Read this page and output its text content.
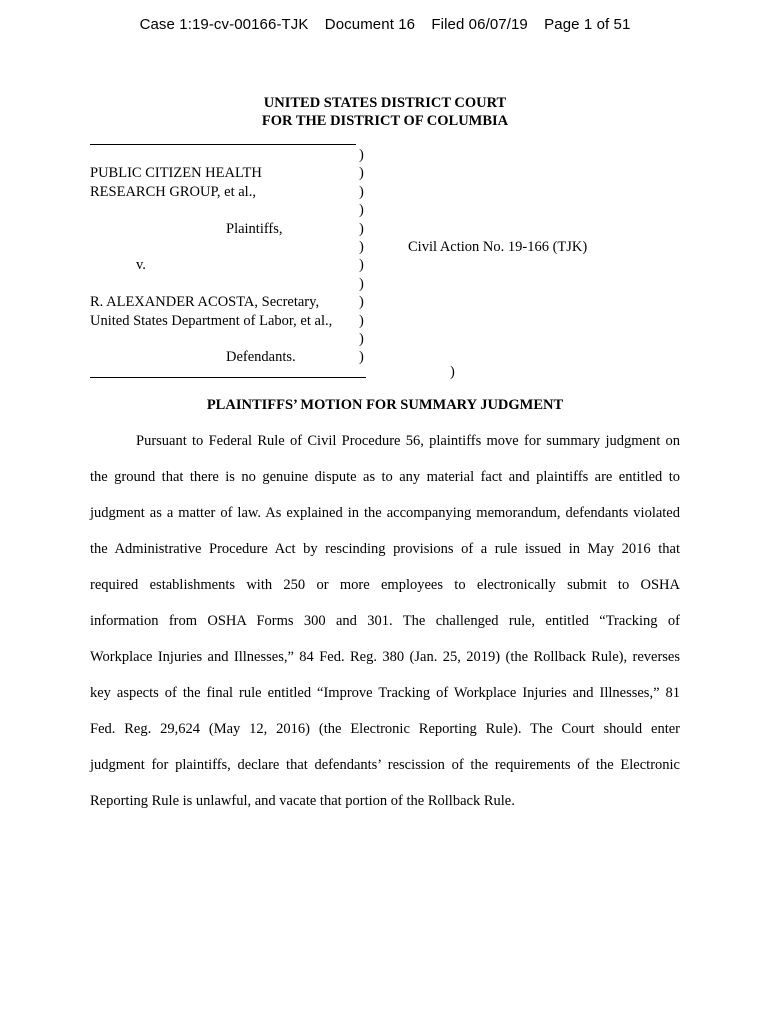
Case 1:19-cv-00166-TJK Document 16 Filed 06/07/19 Page 1 of 51
UNITED STATES DISTRICT COURT
FOR THE DISTRICT OF COLUMBIA
)
PUBLIC CITIZEN HEALTH	)
RESEARCH GROUP, et al.,	)
)
Plaintiffs,	)
)	Civil Action No. 19-166 (TJK)
v.	)
)
R. ALEXANDER ACOSTA, Secretary,	)
United States Department of Labor, et al., )
)
Defendants.	)
)
PLAINTIFFS’ MOTION FOR SUMMARY JUDGMENT
Pursuant to Federal Rule of Civil Procedure 56, plaintiffs move for summary judgment on
the ground that there is no genuine dispute as to any material fact and plaintiffs are entitled to
judgment as a matter of law. As explained in the accompanying memorandum, defendants violated
the Administrative Procedure Act by rescinding provisions of a rule issued in May 2016 that
required establishments with 250 or more employees to electronically submit to OSHA
information from OSHA Forms 300 and 301. The challenged rule, entitled “Tracking of
Workplace Injuries and Illnesses,” 84 Fed. Reg. 380 (Jan. 25, 2019) (the Rollback Rule), reverses
key aspects of the final rule entitled “Improve Tracking of Workplace Injuries and Illnesses,” 81
Fed. Reg. 29,624 (May 12, 2016) (the Electronic Reporting Rule). The Court should enter
judgment for plaintiffs, declare that defendants’ rescission of the requirements of the Electronic
Reporting Rule is unlawful, and vacate that portion of the Rollback Rule.
